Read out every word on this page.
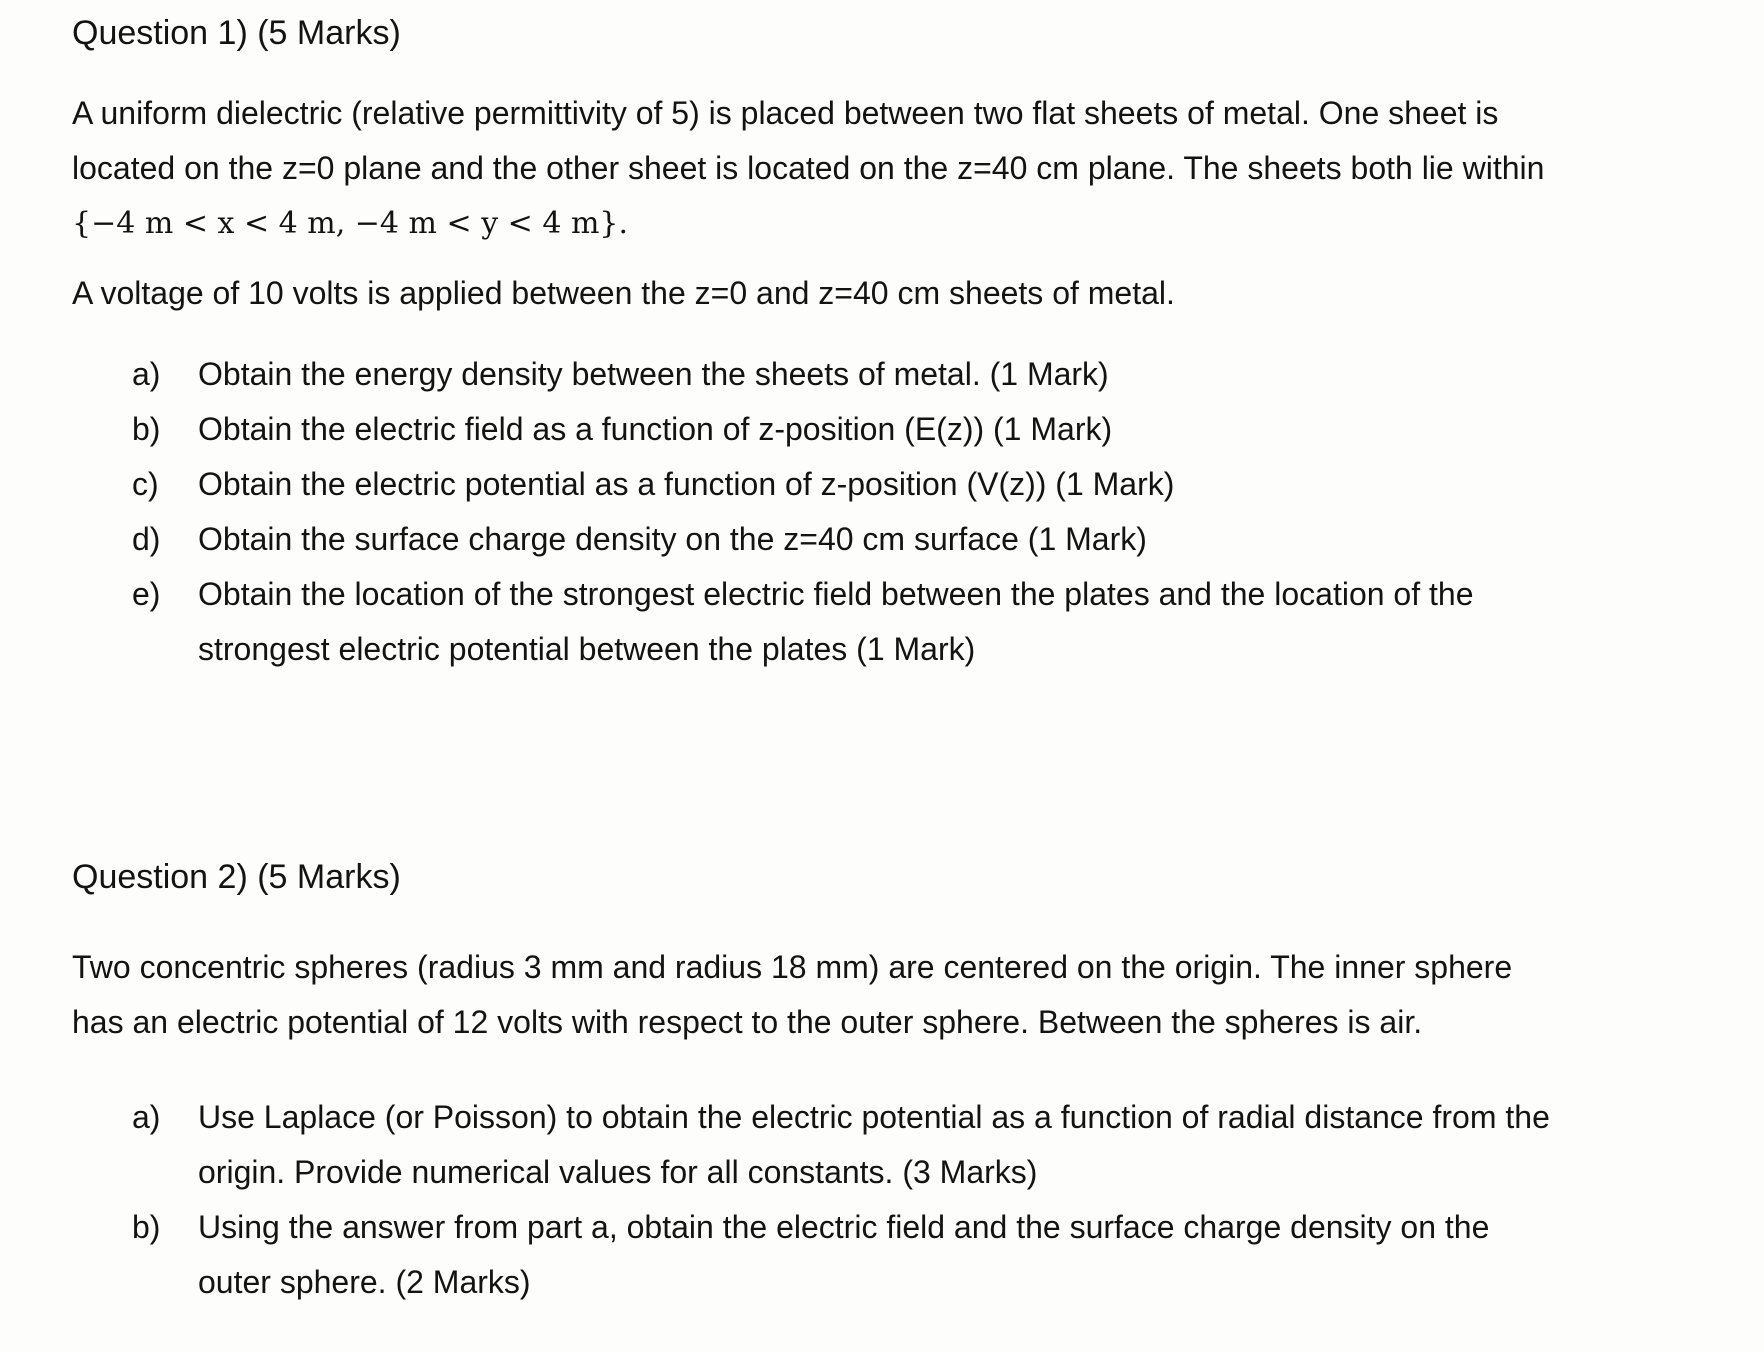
Question 1) (5 Marks)
A uniform dielectric (relative permittivity of 5) is placed between two flat sheets of metal. One sheet is
located on the z=0 plane and the other sheet is located on the z=40 cm plane. The sheets both lie within
{−4 m < x < 4 m, −4 m < y < 4 m}.
A voltage of 10 volts is applied between the z=0 and z=40 cm sheets of metal.
a) Obtain the energy density between the sheets of metal. (1 Mark)
b) Obtain the electric field as a function of z-position (E(z)) (1 Mark)
c) Obtain the electric potential as a function of z-position (V(z)) (1 Mark)
d) Obtain the surface charge density on the z=40 cm surface (1 Mark)
e) Obtain the location of the strongest electric field between the plates and the location of the
strongest electric potential between the plates (1 Mark)
Question 2) (5 Marks)
Two concentric spheres (radius 3 mm and radius 18 mm) are centered on the origin. The inner sphere
has an electric potential of 12 volts with respect to the outer sphere. Between the spheres is air.
a) Use Laplace (or Poisson) to obtain the electric potential as a function of radial distance from the
origin. Provide numerical values for all constants. (3 Marks)
b) Using the answer from part a, obtain the electric field and the surface charge density on the
outer sphere. (2 Marks)
